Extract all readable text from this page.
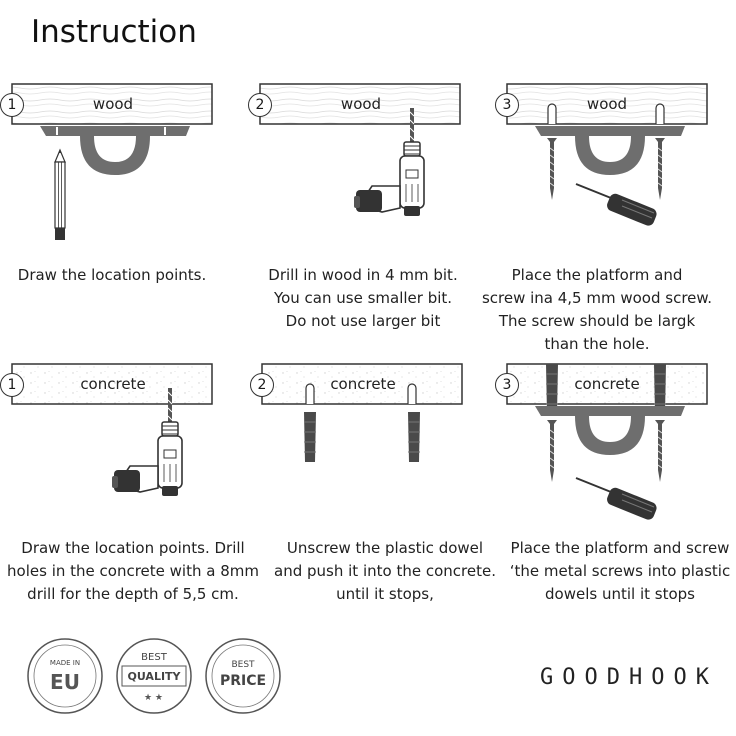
Instruction
★ ★
1	2	3
1	2	3
wood	wood	wood
concrete	concrete	concrete
Draw the location points.	Drill in wood in 4 mm bit.
You can use smaller bit.
Do not use larger bit
Place the platform and
screw ina 4,5 mm wood screw.
The screw should be largk
than the hole.
Draw the location points. Drill
holes in the concrete with a 8mm
drill for the depth of 5,5 cm.
Unscrew the plastic dowel
and push it into the concrete.
until it stops,
Place the platform and screw
‘the metal screws into plastic
dowels until it stops
MADE IN
EU
BEST
QUALITY
BEST
PRICE	GOODHOOK
